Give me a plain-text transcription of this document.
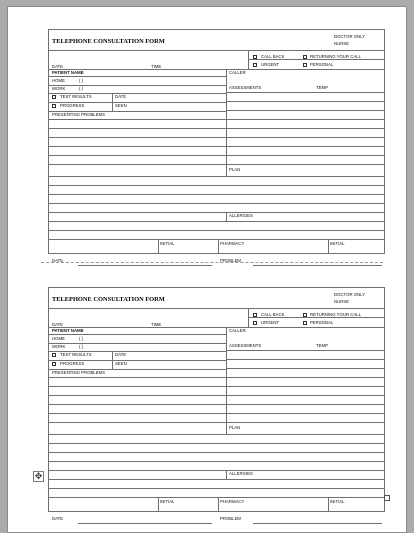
TELEPHONE CONSULTATION FORM
DOCTOR ONLY
NURSE
CALL BACK	RETURNING YOUR CALL
URGENT	PERSONAL
DATE	TIME
PATIENT NAME	CALLER
HOME	( )
WORK	( )	ASSESSMENTS	TEMP
TEST RESULTS	DATE
PROGRESS	SEEN
PRESENTING PROBLEMS
PLAN
ALLERGIES
INITIAL	PHARMACY	INITIAL
DATE	PROBLEM
TELEPHONE CONSULTATION FORM
DOCTOR ONLY
NURSE
CALL BACK	RETURNING YOUR CALL
URGENT	PERSONAL
DATE	TIME
PATIENT NAME	CALLER
HOME	( )
WORK	( )	ASSESSMENTS	TEMP
TEST RESULTS	DATE
PROGRESS	SEEN
PRESENTING PROBLEMS
PLAN
ALLERGIES
INITIAL	PHARMACY	INITIAL
DATE	PROBLEM
✥
